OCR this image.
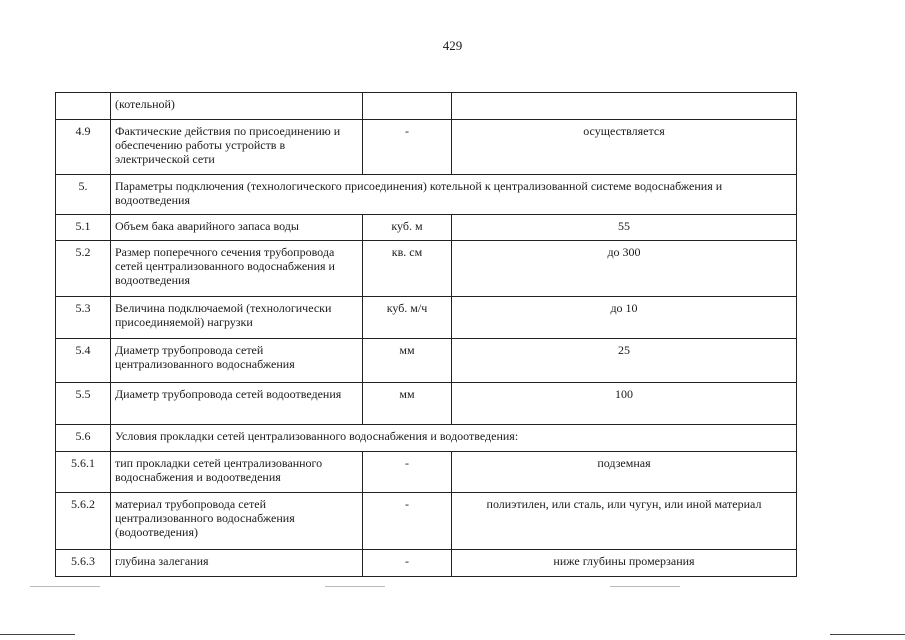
429
	(котельной)		
4.9	Фактические действия по присоединению и обеспечению работы устройств в электрической сети	-	осуществляется
5.	Параметры подключения (технологического присоединения) котельной к централизованной системе водоснабжения и водоотведения		
5.1	Объем бака аварийного запаса воды	куб. м	55
5.2	Размер поперечного сечения трубопровода сетей централизованного водоснабжения и водоотведения	кв. см	до 300
5.3	Величина подключаемой (технологически присоединяемой) нагрузки	куб. м/ч	до 10
5.4	Диаметр трубопровода сетей централизованного водоснабжения	мм	25
5.5	Диаметр трубопровода сетей водоотведения	мм	100
5.6	Условия прокладки сетей централизованного водоснабжения и водоотведения:		
5.6.1	тип прокладки сетей централизованного водоснабжения и водоотведения	-	подземная
5.6.2	материал трубопровода сетей централизованного водоснабжения (водоотведения)	-	полиэтилен, или сталь, или чугун, или иной материал
5.6.3	глубина залегания	-	ниже глубины промерзания
